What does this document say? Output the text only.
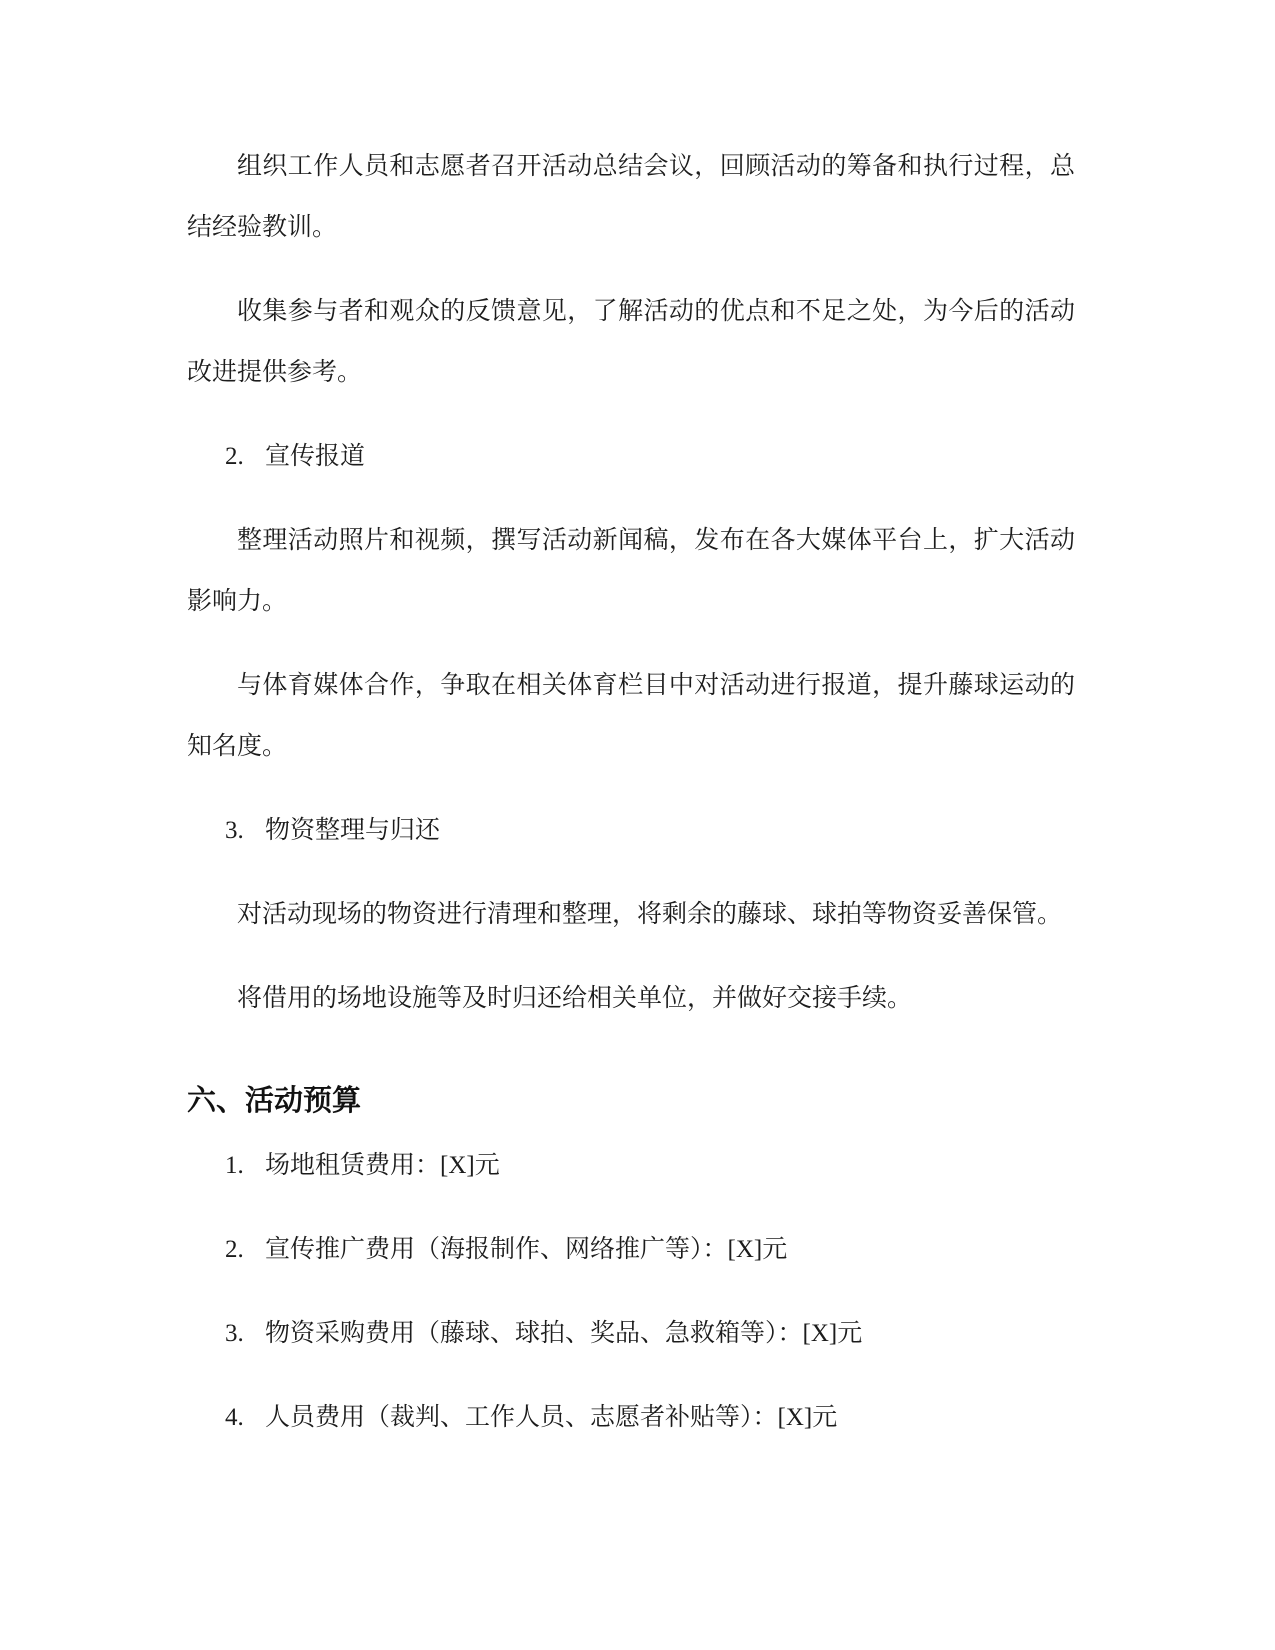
组织工作人员和志愿者召开活动总结会议，回顾活动的筹备和执行过程，总结经验教训。

收集参与者和观众的反馈意见，了解活动的优点和不足之处，为今后的活动改进提供参考。

2. 宣传报道

整理活动照片和视频，撰写活动新闻稿，发布在各大媒体平台上，扩大活动影响力。

与体育媒体合作，争取在相关体育栏目中对活动进行报道，提升藤球运动的知名度。

3. 物资整理与归还

对活动现场的物资进行清理和整理，将剩余的藤球、球拍等物资妥善保管。

将借用的场地设施等及时归还给相关单位，并做好交接手续。

六、活动预算
1. 场地租赁费用：[X]元
2. 宣传推广费用（海报制作、网络推广等）：[X]元
3. 物资采购费用（藤球、球拍、奖品、急救箱等）：[X]元
4. 人员费用（裁判、工作人员、志愿者补贴等）：[X]元
